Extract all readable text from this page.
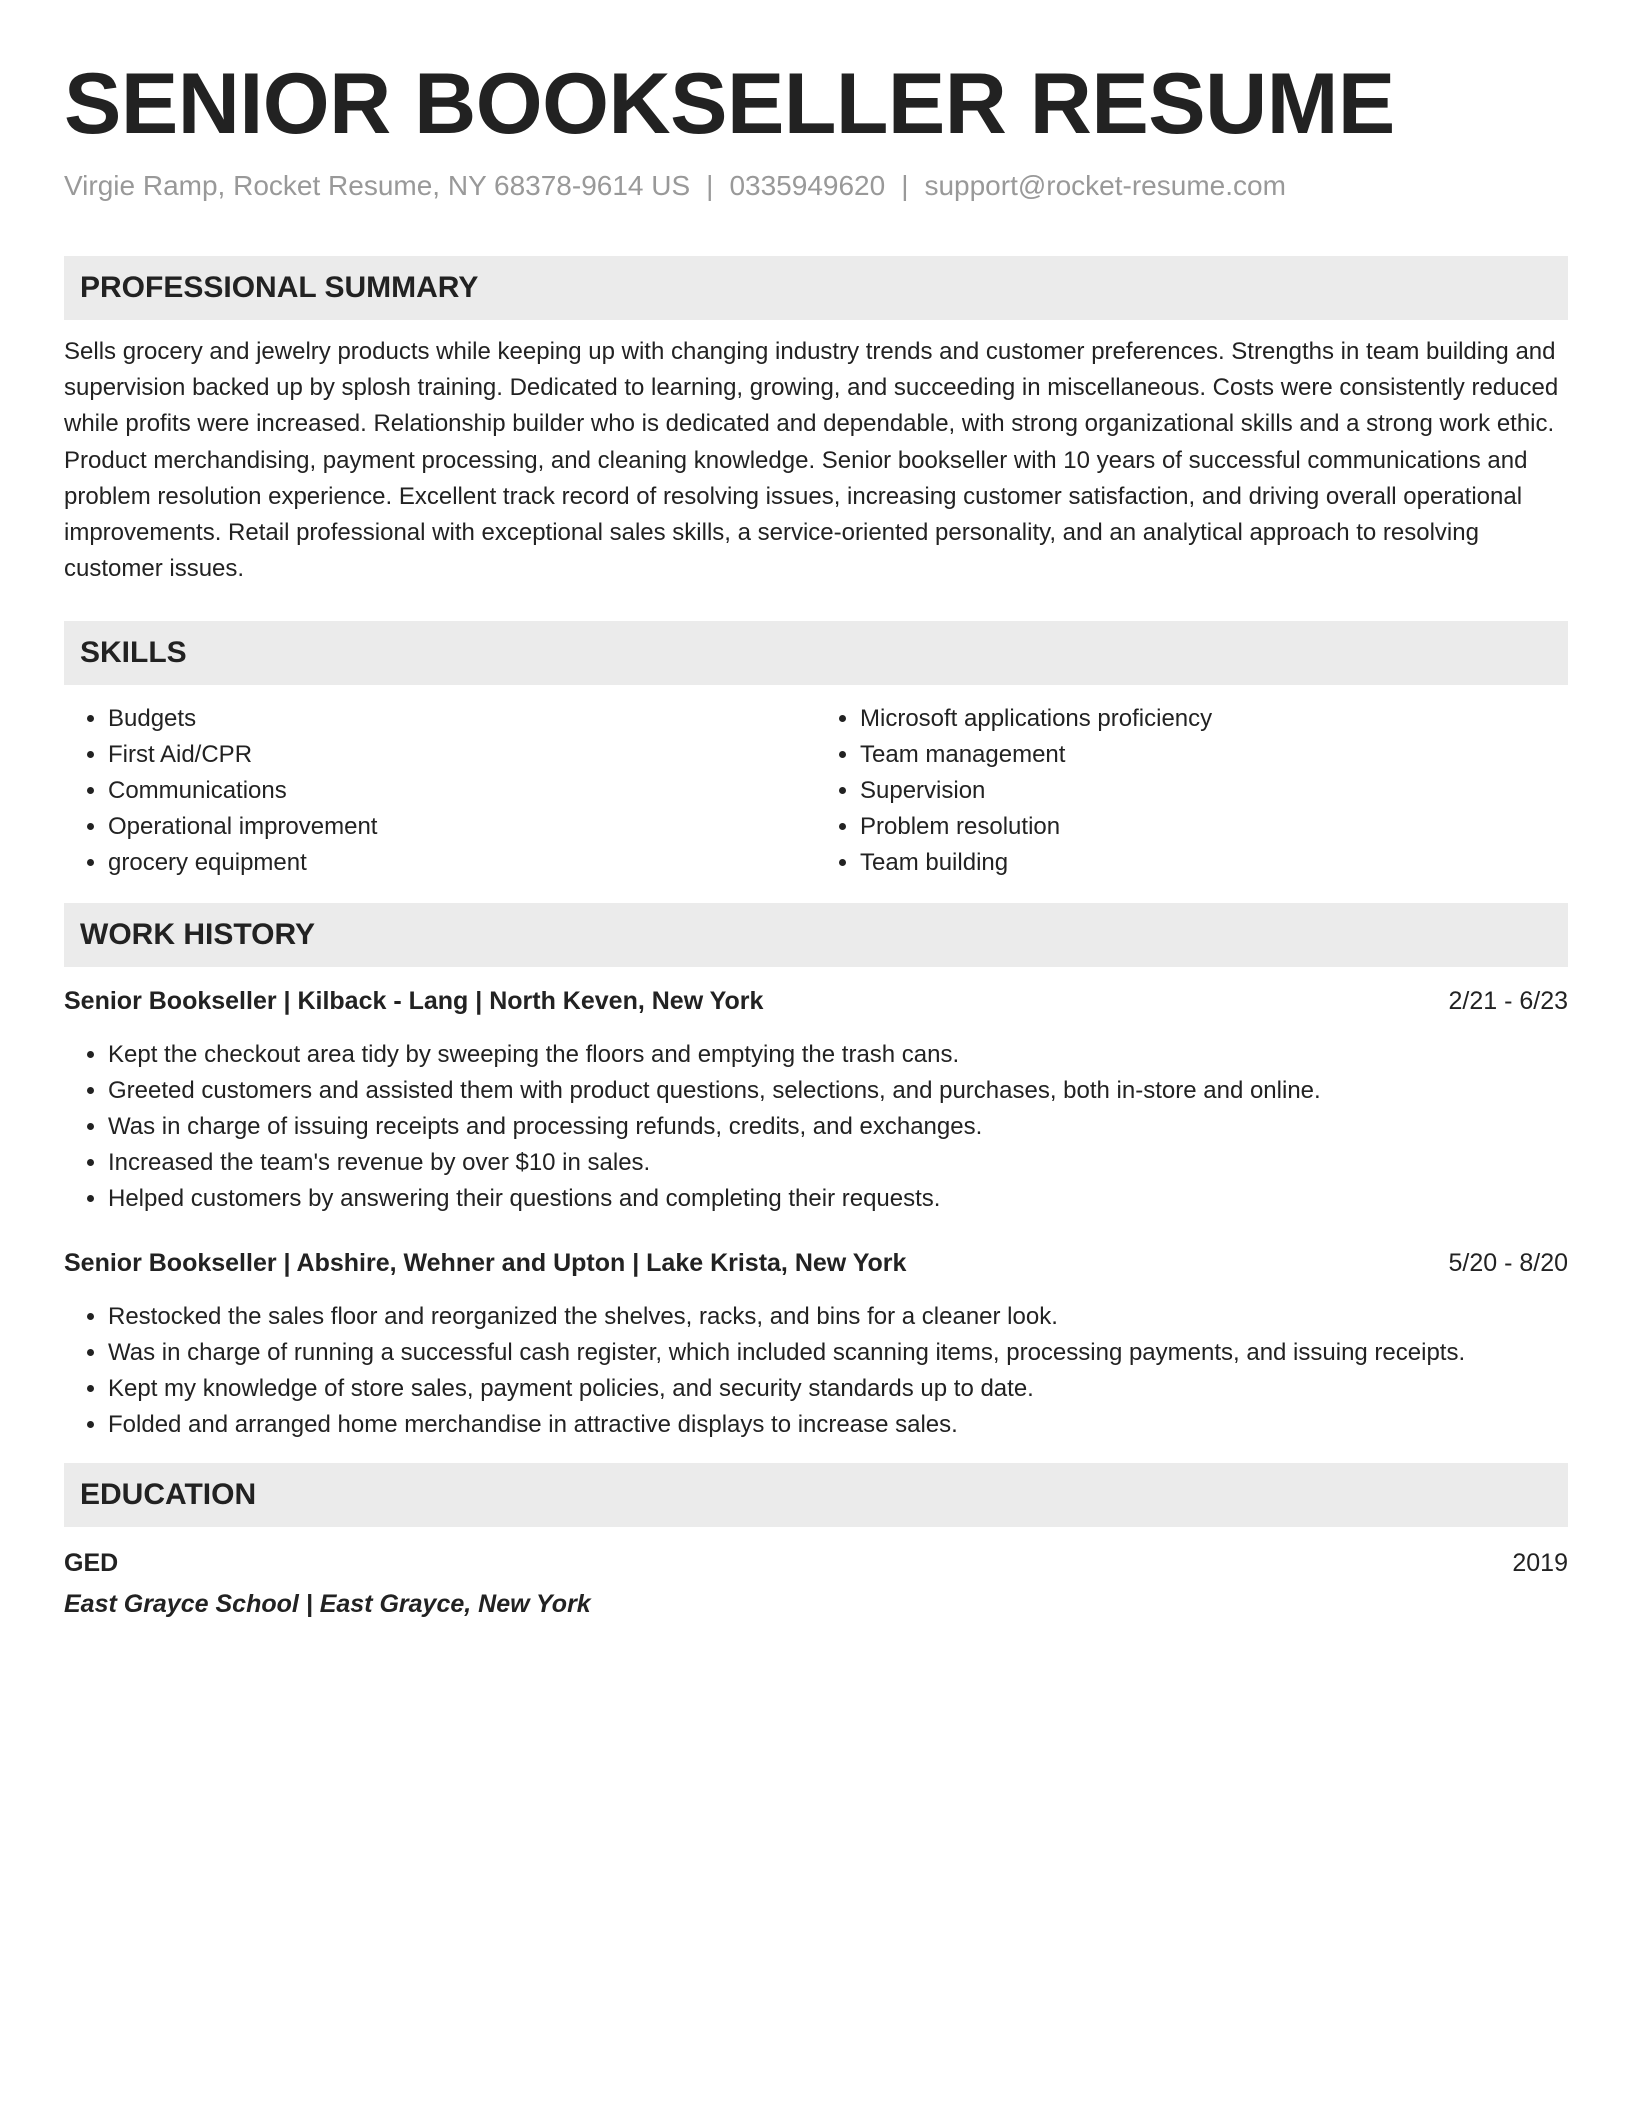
SENIOR BOOKSELLER RESUME
Virgie Ramp, Rocket Resume, NY 68378-9614 US | 0335949620 | support@rocket-resume.com
PROFESSIONAL SUMMARY

Sells grocery and jewelry products while keeping up with changing industry trends and customer preferences. Strengths in team building and supervision backed up by splosh training. Dedicated to learning, growing, and succeeding in miscellaneous. Costs were consistently reduced while profits were increased. Relationship builder who is dedicated and dependable, with strong organizational skills and a strong work ethic. Product merchandising, payment processing, and cleaning knowledge. Senior bookseller with 10 years of successful communications and problem resolution experience. Excellent track record of resolving issues, increasing customer satisfaction, and driving overall operational improvements. Retail professional with exceptional sales skills, a service-oriented personality, and an analytical approach to resolving customer issues.

SKILLS
• Budgets
• First Aid/CPR
• Communications
• Operational improvement
• grocery equipment
• Microsoft applications proficiency
• Team management
• Supervision
• Problem resolution
• Team building
WORK HISTORY
Senior Bookseller | Kilback - Lang | North Keven, New York	2/21 - 6/23
• Kept the checkout area tidy by sweeping the floors and emptying the trash cans.
• Greeted customers and assisted them with product questions, selections, and purchases, both in-store and online.
• Was in charge of issuing receipts and processing refunds, credits, and exchanges.
• Increased the team's revenue by over $10 in sales.
• Helped customers by answering their questions and completing their requests.
Senior Bookseller | Abshire, Wehner and Upton | Lake Krista, New York	5/20 - 8/20
• Restocked the sales floor and reorganized the shelves, racks, and bins for a cleaner look.
• Was in charge of running a successful cash register, which included scanning items, processing payments, and issuing receipts.
• Kept my knowledge of store sales, payment policies, and security standards up to date.
• Folded and arranged home merchandise in attractive displays to increase sales.
EDUCATION
GED	2019
East Grayce School | East Grayce, New York
